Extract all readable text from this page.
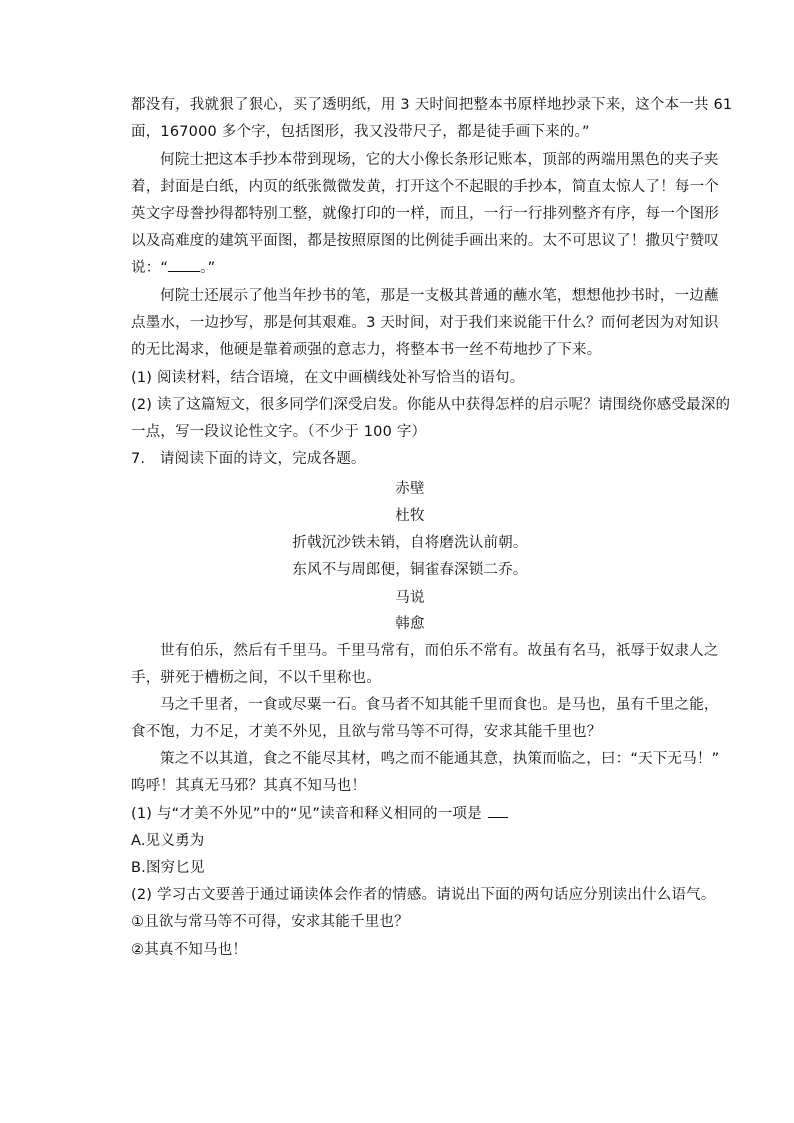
都没有，我就狠了狠心，买了透明纸，用 3 天时间把整本书原样地抄录下来，这个本一共 61
面，167000 多个字，包括图形，我又没带尺子，都是徒手画下来的。”
何院士把这本手抄本带到现场，它的大小像长条形记账本，顶部的两端用黑色的夹子夹
着，封面是白纸，内页的纸张微微发黄，打开这个不起眼的手抄本，简直太惊人了！每一个
英文字母誊抄得都特别工整，就像打印的一样，而且，一行一行排列整齐有序，每一个图形
以及高难度的建筑平面图，都是按照原图的比例徒手画出来的。太不可思议了！撒贝宁赞叹
说：“ 。”
何院士还展示了他当年抄书的笔，那是一支极其普通的蘸水笔，想想他抄书时，一边蘸
点墨水，一边抄写，那是何其艰难。3 天时间，对于我们来说能干什么？而何老因为对知识
的无比渴求，他硬是靠着顽强的意志力，将整本书一丝不苟地抄了下来。
(1) 阅读材料，结合语境，在文中画横线处补写恰当的语句。
(2) 读了这篇短文，很多同学们深受启发。你能从中获得怎样的启示呢？请围绕你感受最深的
一点，写一段议论性文字。（不少于 100 字）
7.　请阅读下面的诗文，完成各题。
赤壁
杜牧
折戟沉沙铁未销，自将磨洗认前朝。
东风不与周郎便，铜雀春深锁二乔。
马说
韩愈
世有伯乐，然后有千里马。千里马常有，而伯乐不常有。故虽有名马，祇辱于奴隶人之
手，骈死于槽枥之间，不以千里称也。
马之千里者，一食或尽粟一石。食马者不知其能千里而食也。是马也，虽有千里之能，
食不饱，力不足，才美不外见，且欲与常马等不可得，安求其能千里也？
策之不以其道，食之不能尽其材，鸣之而不能通其意，执策而临之，曰：“天下无马！”
呜呼！其真无马邪？其真不知马也！
(1) 与“才美不外见”中的“见”读音和释义相同的一项是
A.见义勇为
B.图穷匕见
(2) 学习古文要善于通过诵读体会作者的情感。请说出下面的两句话应分别读出什么语气。
①且欲与常马等不可得，安求其能千里也？
②其真不知马也！
